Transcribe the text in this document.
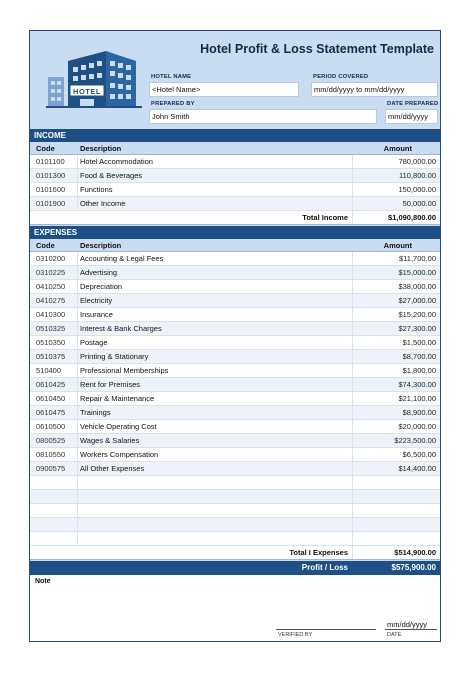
HOTEL
Hotel Profit & Loss Statement Template
HOTEL NAME
<Hotel Name>
PERIOD COVERED
mm/dd/yyyy to mm/dd/yyyy
PREPARED BY
John Smith
DATE PREPARED
mm/dd/yyyy
INCOME
Code	Description	Amount
0101100	Hotel Accommodation	780,000.00
0101300	Food & Beverages	110,800.00
0101600	Functions	150,000.00
0101900	Other Income	50,000.00
Total Income	$1,090,800.00
EXPENSES
Code	Description	Amount
0310200	Accounting & Legal Fees	$11,700.00
0310225	Advertising	$15,000.00
0410250	Depreciation	$38,000.00
0410275	Electricity	$27,000.00
0410300	Insurance	$15,200.00
0510325	Interest & Bank Charges	$27,300.00
0510350	Postage	$1,500.00
0510375	Printing & Stationary	$8,700.00
510400	Professional Memberships	$1,800.00
0610425	Rent for Premises	$74,300.00
0610450	Repair & Maintenance	$21,100.00
0610475	Trainings	$8,900.00
0610500	Vehicle Operating Cost	$20,000.00
0800525	Wages & Salaries	$223,500.00
0810550	Workers Compensation	$6,500.00
0900575	All Other Expenses	$14,400.00
Total I Expenses	$514,900.00
Profit / Loss	$575,900.00
Note
VERIFIED BY
mm/dd/yyyy
DATE
